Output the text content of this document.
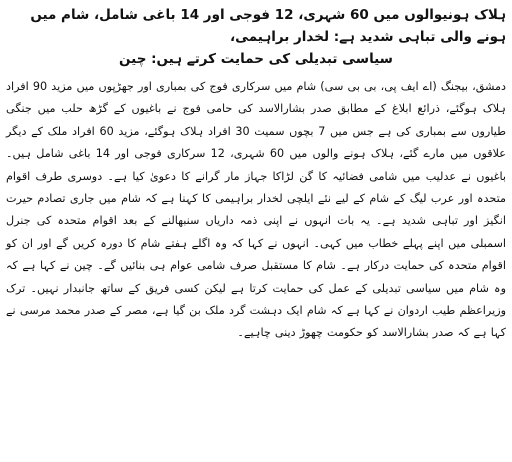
ہلاک ہونیوالوں میں 60 شہری، 12 فوجی اور 14 باغی شامل، شام میں ہونے والی تباہی شدید ہے: لخدار براہیمی،
سیاسی تبدیلی کی حمایت کرتے ہیں: چین

دمشق، بیجنگ (اے ایف پی، بی بی سی) شام میں سرکاری فوج کی بمباری اور جھڑپوں میں مزید 90 افراد ہلاک ہوگئے، ذرائع ابلاغ کے مطابق صدر بشارالاسد کی حامی فوج نے باغیوں کے گڑھ حلب میں جنگی طیاروں سے بمباری کی ہے جس میں 7 بچوں سمیت 30 افراد ہلاک ہوگئے، مزید 60 افراد ملک کے دیگر علاقوں میں مارے گئے، ہلاک ہونے والوں میں 60 شہری، 12 سرکاری فوجی اور 14 باغی شامل ہیں۔ باغیوں نے عدلیب میں شامی فضائیہ کا گن لڑاکا جہاز مار گرانے کا دعویٰ کیا ہے۔ دوسری طرف اقوام متحدہ اور عرب لیگ کے شام کے لیے نئے ایلچی لخدار براہیمی کا کہنا ہے کہ شام میں جاری تصادم حیرت انگیز اور تباہی شدید ہے۔ یہ بات انہوں نے اپنی ذمہ داریاں سنبھالنے کے بعد اقوام متحدہ کی جنرل اسمبلی میں اپنے پہلے خطاب میں کہی۔ انہوں نے کہا کہ وہ اگلے ہفتے شام کا دورہ کریں گے اور ان کو اقوام متحدہ کی حمایت درکار ہے۔ شام کا مستقبل صرف شامی عوام ہی بنائیں گے۔ چین نے کہا ہے کہ وہ شام میں سیاسی تبدیلی کے عمل کی حمایت کرتا ہے لیکن کسی فریق کے ساتھ جانبدار نہیں۔ ترک وزیراعظم طیب اردوان نے کہا ہے کہ شام ایک دہشت گرد ملک بن گیا ہے، مصر کے صدر محمد مرسی نے کہا ہے کہ صدر بشارالاسد کو حکومت چھوڑ دینی چاہیے۔
